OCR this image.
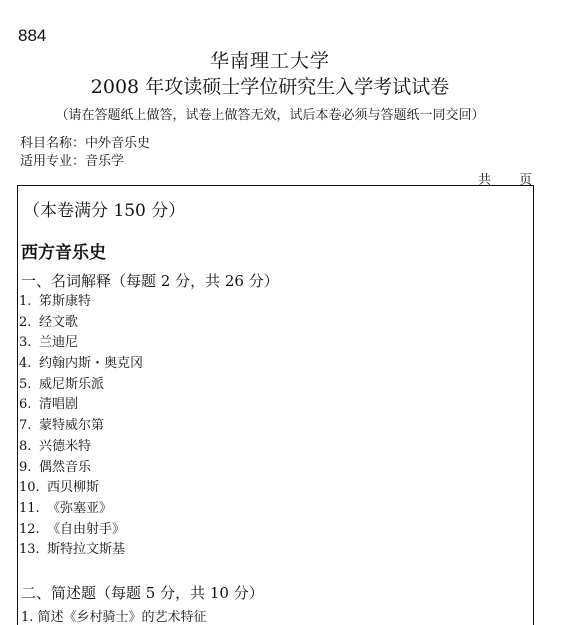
884
华南理工大学
2008 年攻读硕士学位研究生入学考试试卷
（请在答题纸上做答，试卷上做答无效，试后本卷必须与答题纸一同交回）
科目名称：中外音乐史
适用专业：音乐学
共 页
（本卷满分 150 分）
西方音乐史
一、名词解释（每题 2 分，共 26 分）
1. 笫斯康特
2. 经文歌
3. 兰迪尼
4. 约翰内斯・奥克冈
5. 威尼斯乐派
6. 清唱剧
7. 蒙特威尔第
8. 兴德米特
9. 偶然音乐
10. 西贝柳斯
11. 《弥塞亚》
12. 《自由射手》
13. 斯特拉文斯基
二、简述题（每题 5 分，共 10 分）
1. 简述《乡村骑士》的艺术特征
